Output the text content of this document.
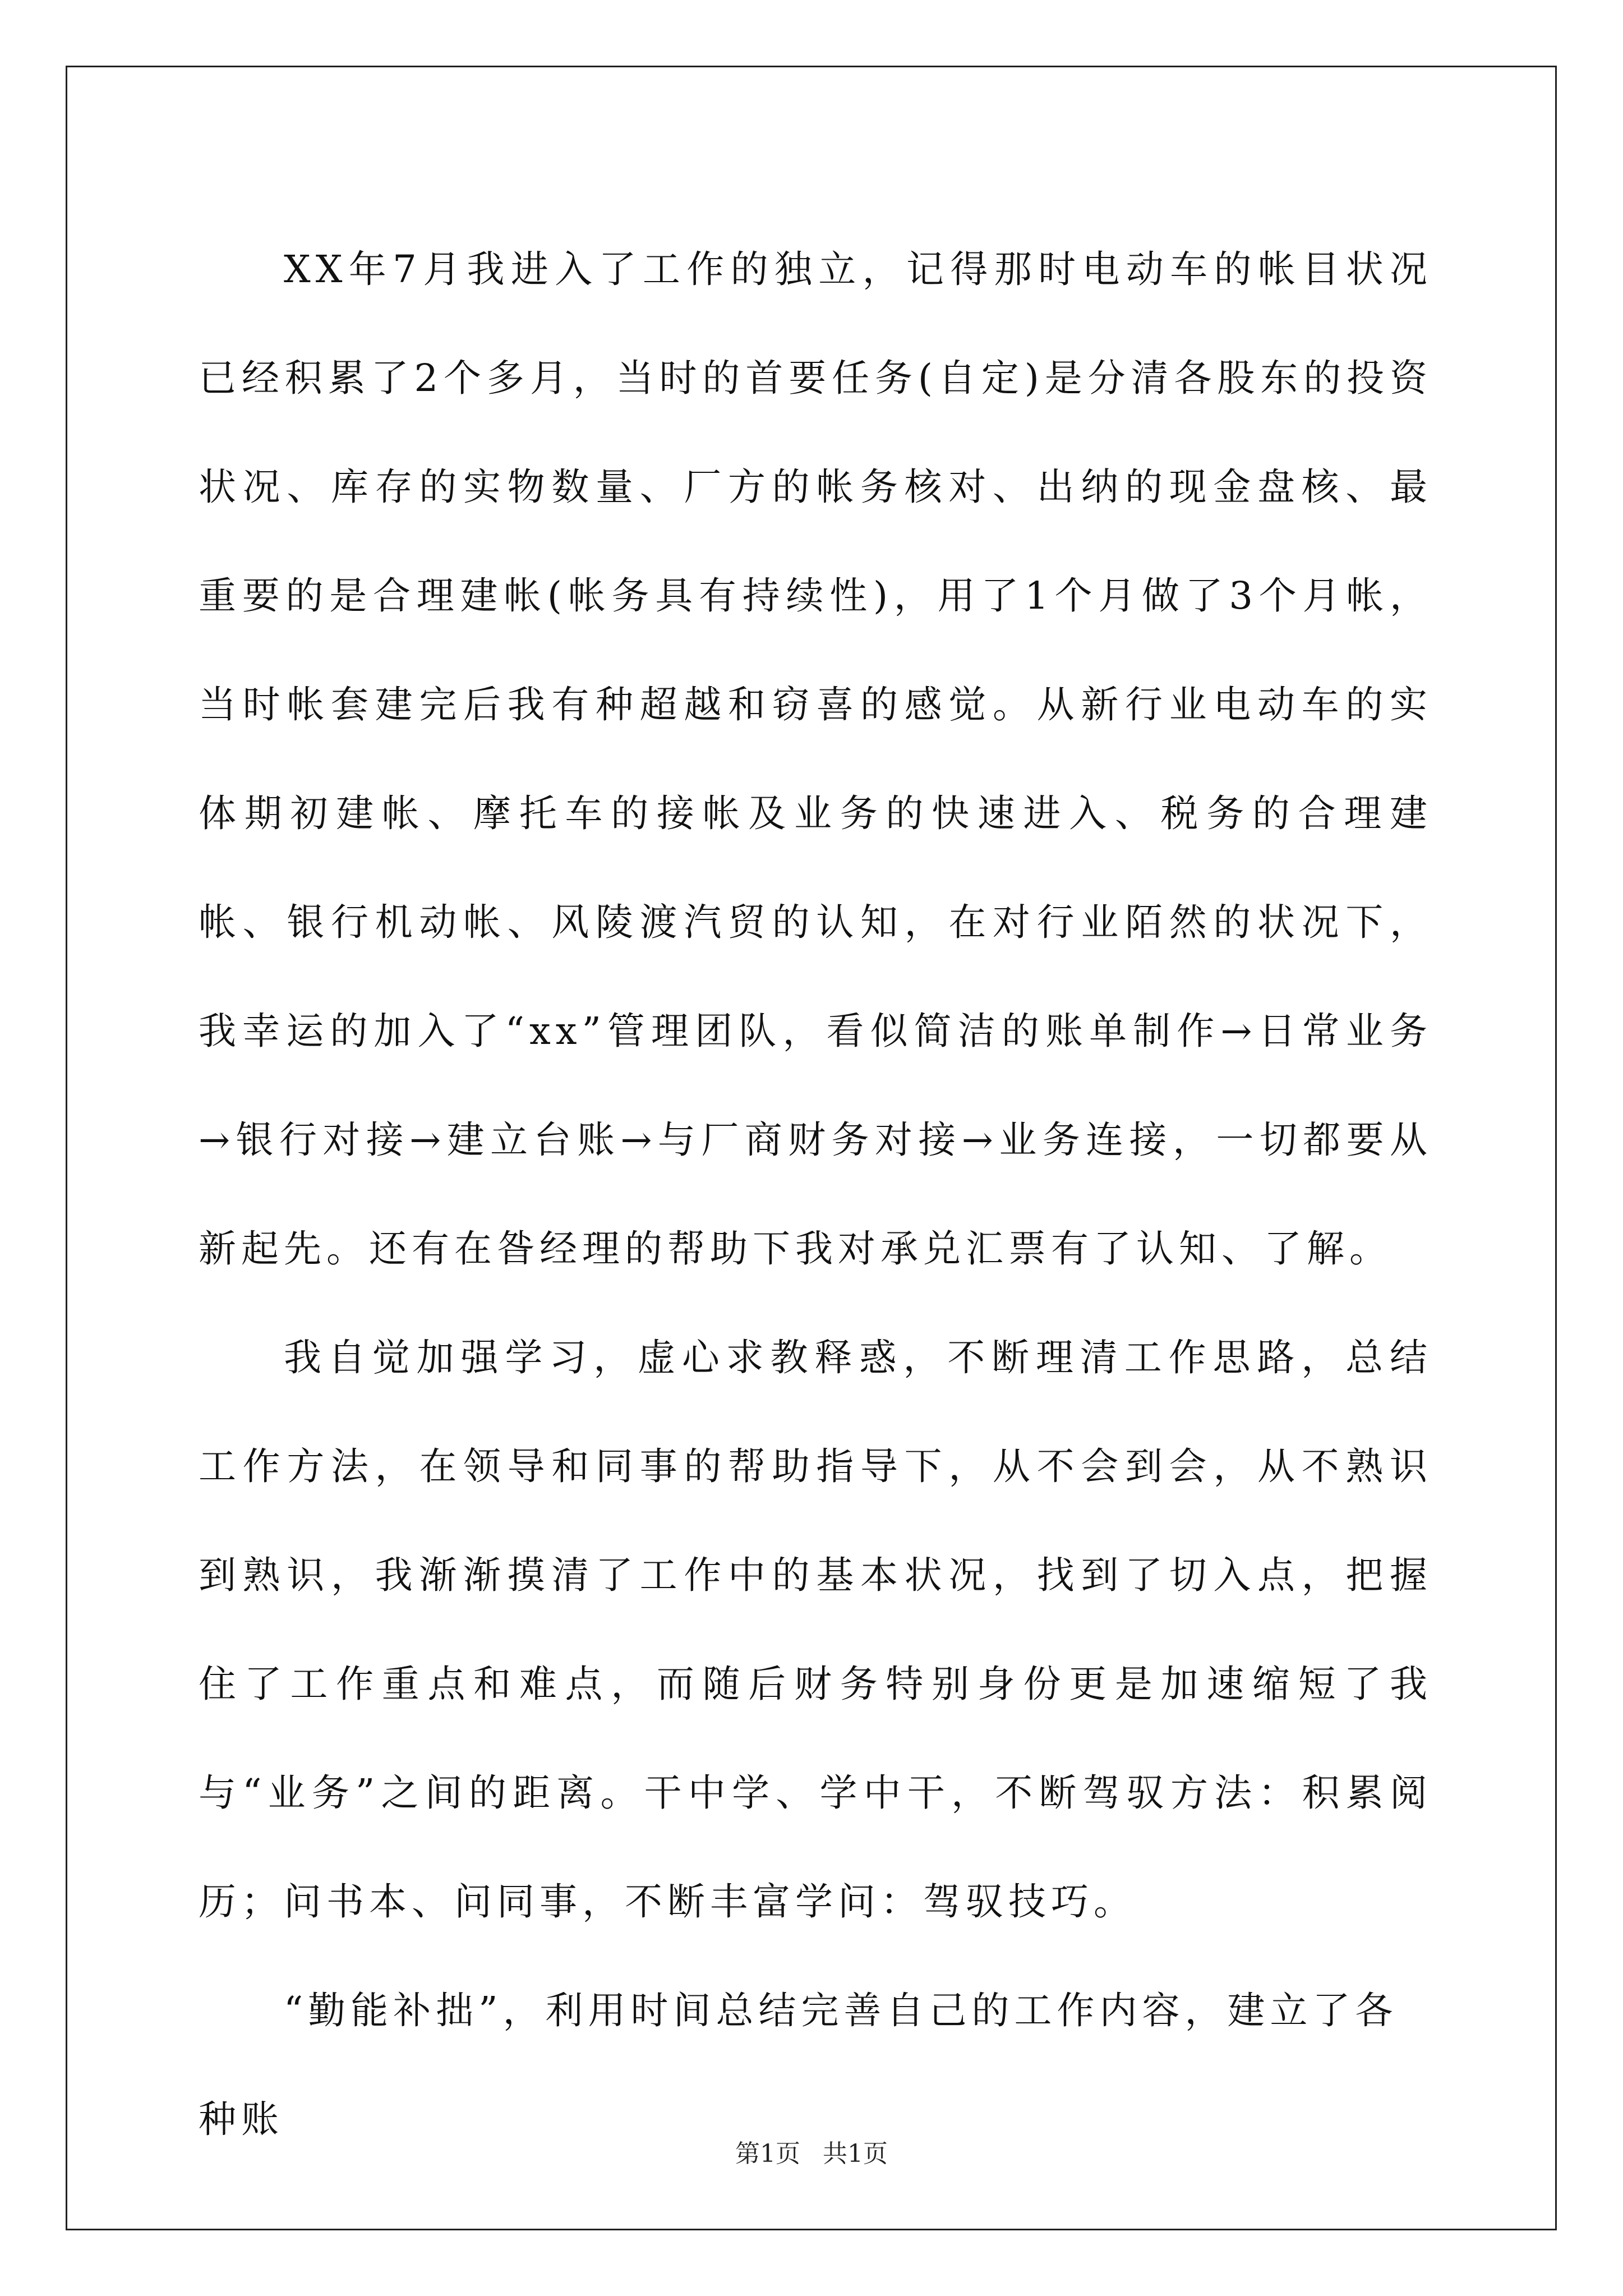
XX年7月我进入了工作的独立，记得那时电动车的帐目状况已经积累了2个多月，当时的首要任务(自定)是分清各股东的投资状况、库存的实物数量、厂方的帐务核对、出纳的现金盘核、最重要的是合理建帐(帐务具有持续性)，用了1个月做了3个月帐，当时帐套建完后我有种超越和窃喜的感觉。从新行业电动车的实体期初建帐、摩托车的接帐及业务的快速进入、税务的合理建帐、银行机动帐、风陵渡汽贸的认知，在对行业陌然的状况下，我幸运的加入了“xx”管理团队，看似简洁的账单制作→日常业务→银行对接→建立台账→与厂商财务对接→业务连接，一切都要从新起先。还有在昝经理的帮助下我对承兑汇票有了认知、了解。

我自觉加强学习，虚心求教释惑，不断理清工作思路，总结工作方法，在领导和同事的帮助指导下，从不会到会，从不熟识到熟识，我渐渐摸清了工作中的基本状况，找到了切入点，把握住了工作重点和难点，而随后财务特别身份更是加速缩短了我与“业务”之间的距离。干中学、学中干，不断驾驭方法：积累阅历；问书本、问同事，不断丰富学问：驾驭技巧。

“勤能补拙”，利用时间总结完善自己的工作内容，建立了各种账

第1页 共1页
